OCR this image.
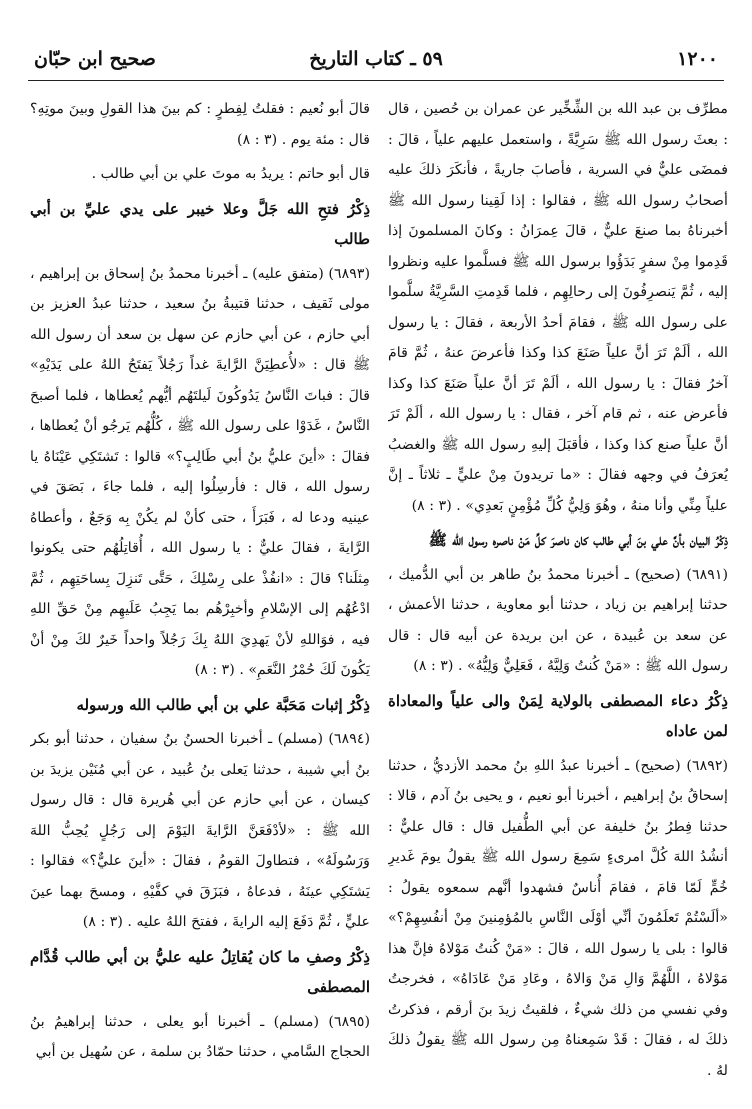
٥٩ ـ كتاب التاريخ	١٢٠٠
صحيح ابن حبّان

مطرِّف بن عبد الله بن الشِّخِّير عن عمران بن حُصين ، قال : بعثَ رسول الله ﷺ سَرِيَّةً ، واستعمل عليهم علياً ، قالَ : فمضَى عليٌّ في السرية ، فأصابَ جاريةً ، فأنكَرَ ذلكَ عليه أصحابُ رسول الله ﷺ ، فقالوا : إذا لَقِينا رسول الله ﷺ أخبرناهُ بما صنعَ عليٌّ ، قالَ عِمرَانُ : وكانَ المسلمونَ إذا قَدِموا مِنْ سفرٍ بَدَؤُوا برسول الله ﷺ فسلَّموا عليه ونظروا إليه ، ثُمَّ يَنصرِفُونَ إلى رحالِهِم ، فلما قَدِمتِ السَّرِيَّةُ سلَّموا على رسول الله ﷺ ، فقامَ أحدُ الأربعة ، فقالَ : يا رسول الله ، ألَمْ تَرَ أنَّ علياً صَنَعَ كذا وكذا فأعرضَ عنهُ ، ثُمَّ قامَ آخرُ فقالَ : يا رسول الله ، ألَمْ تَرَ أنَّ علياً صَنَعَ كذا وكذا فأعرض عنه ، ثم قام آخر ، فقال : يا رسول الله ، ألَمْ تَرَ أنَّ علياً صنع كذا وكذا ، فأقبَلَ إليهِ رسول الله ﷺ والغضبُ يُعرَفُ في وجهه فقالَ : «ما تريدونَ مِنْ عليٍّ ـ ثلاثاً ـ إنَّ علياً مِنِّي وأنا منهُ ، وهُوَ وَلِيُّ كُلِّ مُؤْمِنٍ بَعدِي» . (٣ : ٨)

ذِكْرُ البيان بأنَّ علي بنَ أبي طالب كان ناصرَ كلِّ مَنْ ناصره رسول الله ﷺ

(٦٨٩١) (صحيح) ـ أخبرنا محمدُ بنُ طاهر بن أبي الدُّميك ، حدثنا إبراهيم بن زياد ، حدثنا أبو معاوية ، حدثنا الأعمش ، عن سعد بن عُبيدة ، عن ابن بريدة عن أبيه قال : قال رسول الله ﷺ : «مَنْ كُنتُ وَلِيَّهُ ، فَعَلِيٌّ وَلِيُّهُ» . (٣ : ٨)

ذِكْرُ دعاء المصطفى بالولاية لِمَنْ والى علياً والمعاداة لمن عاداه

(٦٨٩٢) (صحيح) ـ أخبرنا عبدُ اللهِ بنُ محمد الأزديُّ ، حدثنا إسحاقُ بنُ إبراهيم ، أخبرنا أبو نعيم ، و يحيى بنُ آدم ، قالا : حدثنا فِطرُ بنُ خليفة عن أبي الطُّفيل قال : قال عليٌّ : أنشُدُ اللهَ كُلَّ امرىءٍ سَمِعَ رسول الله ﷺ يقولُ يومَ غَديرِ خُمٍّ لَمّا قامَ ، فقامَ أُناسٌ فشهدوا أنَّهم سمعوه يقولُ : «ألَسْتُمْ تَعلَمُونَ أنِّي أوْلَى النَّاسِ بالمُؤمِنينَ مِنْ أنفُسِهِمْ؟» قالوا : بلى يا رسول الله ، قالَ : «مَنْ كُنتُ مَوْلاهُ فإنَّ هذا مَوْلاهُ ، اللَّهُمَّ وَالِ مَنْ وَالاهُ ، وعَادِ مَنْ عَادَاهُ» ، فخرجتُ وفي نفسي من ذلك شيءٌ ، فلقيتُ زيدَ بنَ أرقم ، فذكرتُ ذلكَ له ، فقالَ : قَدْ سَمِعناهُ مِن رسول الله ﷺ يقولُ ذلكَ لهُ .

قالَ أبو نُعيم : فقلتُ لِفِطرٍ : كم بينَ هذا القولِ وبينَ موتِهِ؟ قال : مئة يوم . (٣ : ٨)

قال أبو حاتم : يريدُ به موتَ علي بن أبي طالب .

ذِكْرُ فتحِ الله جَلَّ وعلا خيبر على يدي عليِّ بن أبي طالب

(٦٨٩٣) (متفق عليه) ـ أخبرنا محمدُ بنُ إسحاق بن إبراهيم ، مولى ثَقيف ، حدثنا قتيبةُ بنُ سعيد ، حدثنا عبدُ العزيز بن أبي حازم ، عن أبي حازم عن سهل بن سعد أن رسول الله ﷺ قال : «لأُعطِيَنَّ الرَّايةَ غداً رَجُلاً يَفتَحُ اللهُ على يَدَيْهِ» قالَ : فباتَ النَّاسُ يَدُوكُونَ لَيلتَهُم أيُّهم يُعطاها ، فلما أصبحَ النَّاسُ ، غَدَوْا على رسول الله ﷺ ، كُلُّهُم يَرجُو أنْ يُعطاها ، فقالَ : «أينَ عليُّ بنُ أبي طَالِبٍ؟» قالوا : تَشتَكِي عَيْنَاهُ يا رسول الله ، قال : فأرسِلُوا إليه ، فلما جاءَ ، بَصَقَ في عينيه ودعا له ، فَبَرَأَ ، حتى كأنْ لم يكُنْ بِه وَجَعٌ ، وأعطاهُ الرَّايةَ ، فقالَ عليٌّ : يا رسول الله ، أُقاتِلُهُم حتى يكونوا مِثلَنا؟ قالَ : «انفُذْ على رِسْلِكَ ، حَتَّى تَنزِلَ بِساحَتِهِم ، ثُمَّ ادْعُهُم إلى الإسْلامِ وأخبِرْهُم بما يَجِبُ عَلَيهِم مِنْ حَقِّ اللهِ فيه ، فوَاللهِ لأنْ يَهدِيَ اللهُ بِكَ رَجُلاً واحداً خَيرٌ لكَ مِنْ أنْ يَكُونَ لَكَ حُمْرُ النَّعَمِ» . (٣ : ٨)

ذِكْرُ إثبات مَحَبَّة علي بن أبي طالب الله ورسوله

(٦٨٩٤) (مسلم) ـ أخبرنا الحسنُ بنُ سفيان ، حدثنا أبو بكر بنُ أبي شيبة ، حدثنا يَعلى بنُ عُبيد ، عن أبي مُنَيْن يزيدَ بن كيسان ، عن أبي حازم عن أبي هُريرة قال : قال رسول الله ﷺ : «لأدْفَعَنَّ الرَّايةَ اليَوْمَ إلى رَجُلٍ يُحِبُّ اللهَ وَرَسُولَهُ» ، فتطاولَ القومُ ، فقالَ : «أينَ عليٌّ؟» فقالوا : يَشتَكِي عينَهُ ، فدعاهُ ، فبَزَقَ في كفَّيْهِ ، ومسحَ بهما عينَ عليٍّ ، ثُمَّ دَفَعَ إليه الرايةَ ، ففتحَ اللهُ عليه . (٣ : ٨)

ذِكْرُ وصفِ ما كان يُقاتِلُ عليه عليُّ بن أبي طالب قُدَّام المصطفى

(٦٨٩٥) (مسلم) ـ أخبرنا أبو يعلى ، حدثنا إبراهيمُ بنُ الحجاج السَّامي ، حدثنا حمّادُ بن سلمة ، عن سُهيل بن أبي
